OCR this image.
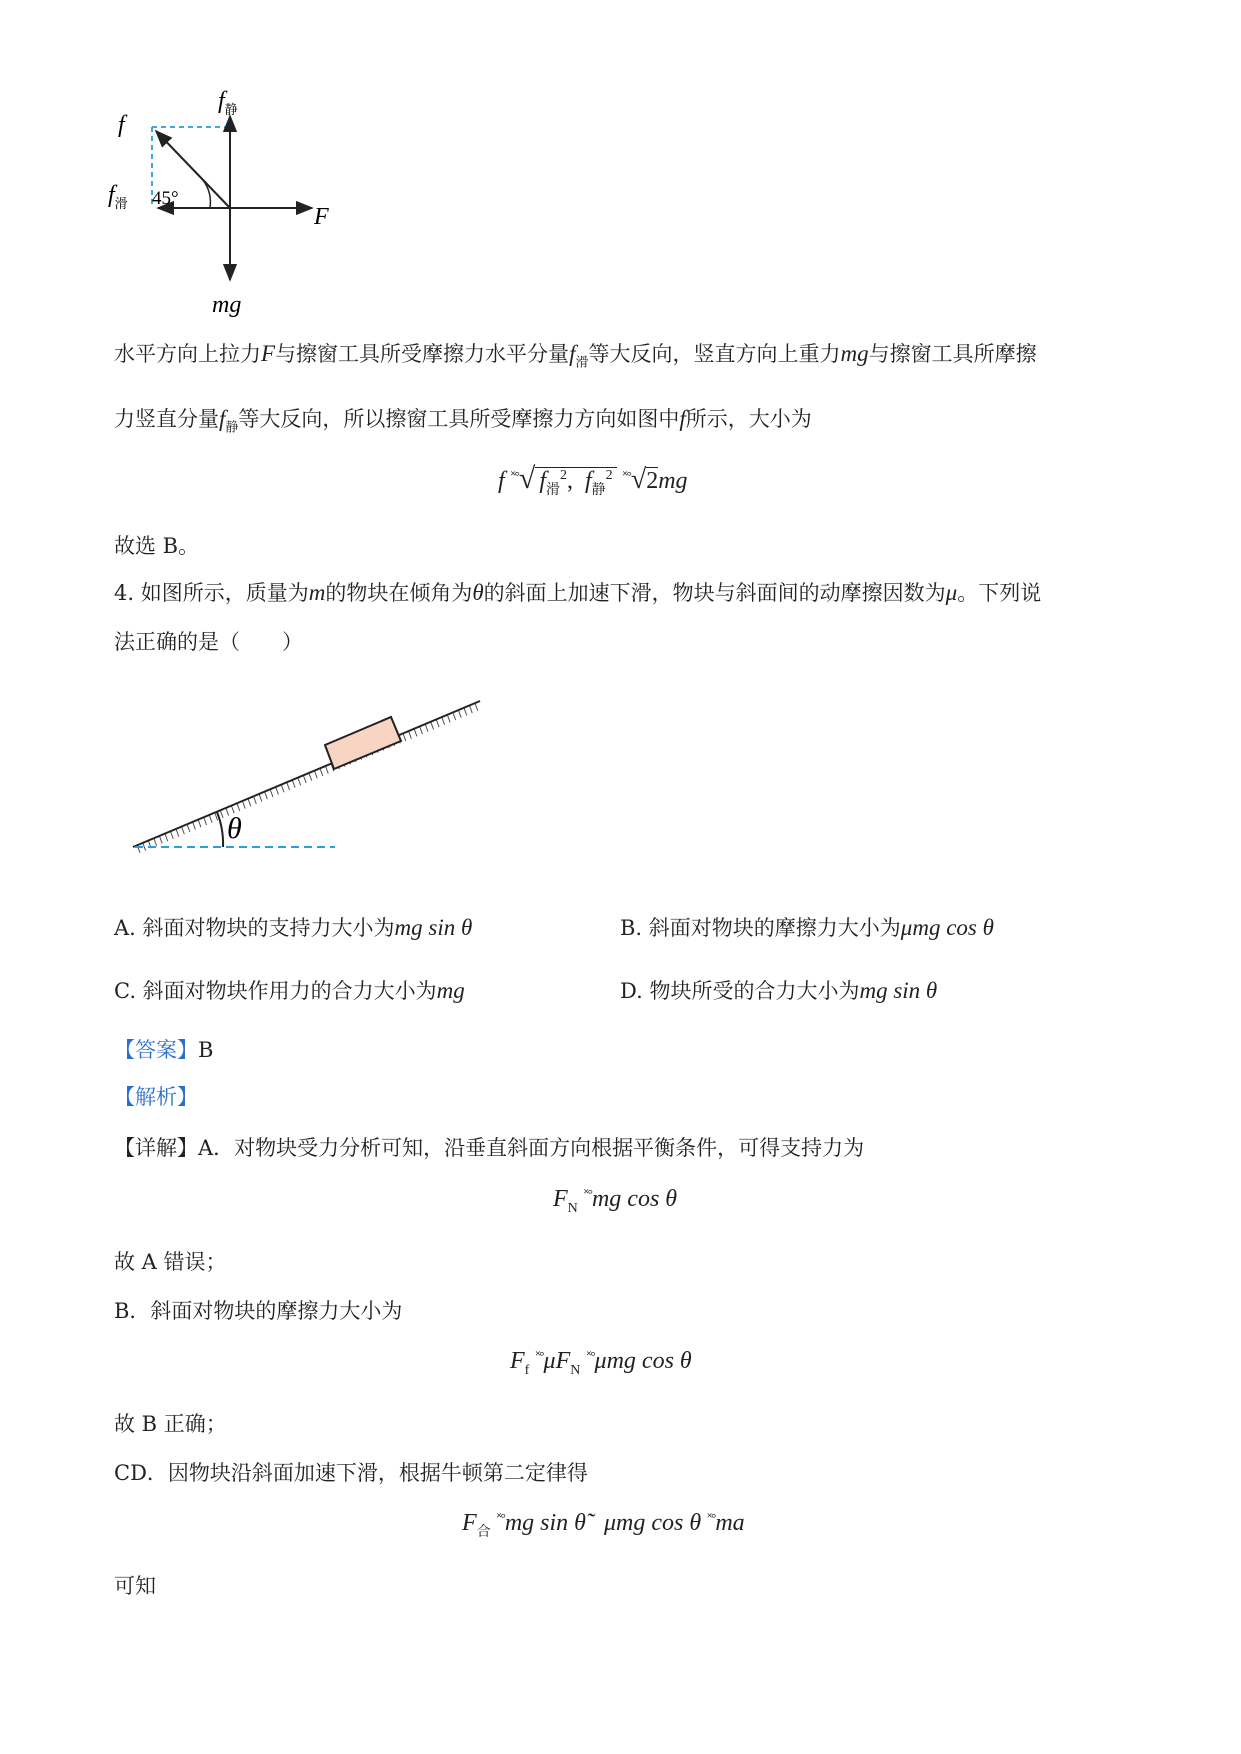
45°
f
$f_静$
$f_滑$
F
mg
水平方向上拉力F与擦窗工具所受摩擦力水平分量$f_滑$等大反向，竖直方向上重力mg与擦窗工具所摩擦
力竖直分量$f_静$等大反向，所以擦窗工具所受摩擦力方向如图中f所示，大小为
f ˟°√ $f_滑^2$, $f_静^2$ ˟°√2mg
故选 B。
4. 如图所示，质量为m的物块在倾角为θ的斜面上加速下滑，物块与斜面间的动摩擦因数为μ。下列说
法正确的是（　　）
θ
A. 斜面对物块的支持力大小为mg sin θ	B. 斜面对物块的摩擦力大小为μmg cos θ
C. 斜面对物块作用力的合力大小为mg	D. 物块所受的合力大小为mg sin θ
【答案】B
【解析】
【详解】A．对物块受力分析可知，沿垂直斜面方向根据平衡条件，可得支持力为
$F_N$ ˟°mg cos θ
故 A 错误；
B．斜面对物块的摩擦力大小为
$F_f$ $^{˟^\circ}\mu F_N$ ˟°μmg cos θ
故 B 正确；
CD．因物块沿斜面加速下滑，根据牛顿第二定律得
$F_合$ ˟°mg sin θ̃ μmg cos θ ˟°ma
可知
